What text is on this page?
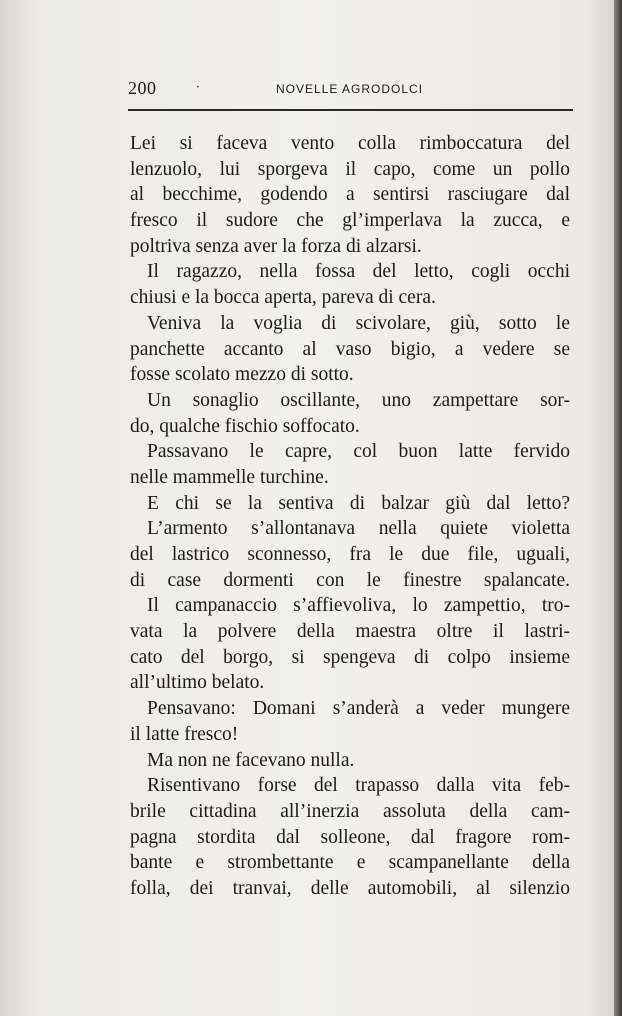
200	·	NOVELLE AGRODOLCI
Lei si faceva vento colla rimboccatura del
lenzuolo, lui sporgeva il capo, come un pollo
al becchime, godendo a sentirsi rasciugare dal
fresco il sudore che gl’imperlava la zucca, e
poltriva senza aver la forza di alzarsi.
Il ragazzo, nella fossa del letto, cogli occhi
chiusi e la bocca aperta, pareva di cera.
Veniva la voglia di scivolare, giù, sotto le
panchette accanto al vaso bigio, a vedere se
fosse scolato mezzo di sotto.
Un sonaglio oscillante, uno zampettare sor-
do, qualche fischio soffocato.
Passavano le capre, col buon latte fervido
nelle mammelle turchine.
E chi se la sentiva di balzar giù dal letto?
L’armento s’allontanava nella quiete violetta
del lastrico sconnesso, fra le due file, uguali,
di case dormenti con le finestre spalancate.
Il campanaccio s’affievoliva, lo zampettio, tro-
vata la polvere della maestra oltre il lastri-
cato del borgo, si spengeva di colpo insieme
all’ultimo belato.
Pensavano: Domani s’anderà a veder mungere
il latte fresco!
Ma non ne facevano nulla.
Risentivano forse del trapasso dalla vita feb-
brile cittadina all’inerzia assoluta della cam-
pagna stordita dal solleone, dal fragore rom-
bante e strombettante e scampanellante della
folla, dei tranvai, delle automobili, al silenzio
